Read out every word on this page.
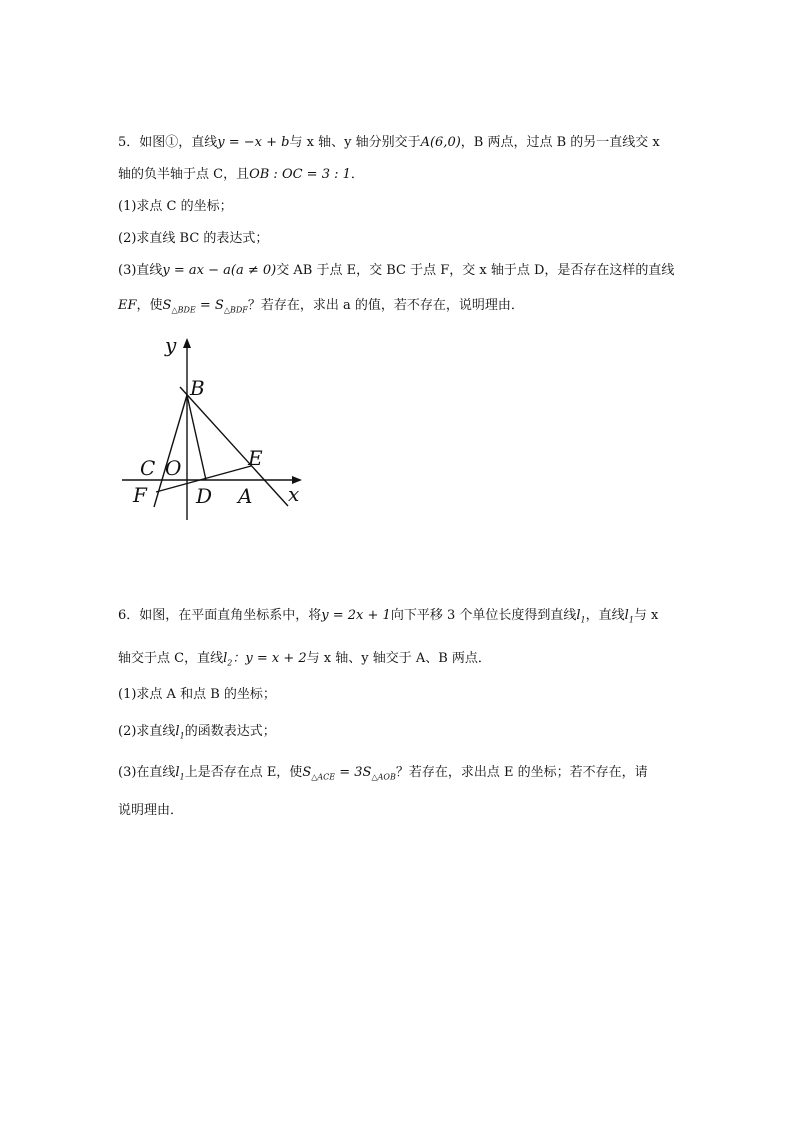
5．如图①，直线y = −x + b与 x 轴、y 轴分别交于A(6,0)，B 两点，过点 B 的另一直线交 x
轴的负半轴于点 C，且OB : OC = 3 : 1．
(1)求点 C 的坐标；
(2)求直线 BC 的表达式；
(3)直线y = ax − a(a ≠ 0)交 AB 于点 E，交 BC 于点 F，交 x 轴于点 D，是否存在这样的直线
EF，使$S_{\triangle BDE} = S_{\triangle BDF}$？若存在，求出 a 的值，若不存在，说明理由．
y
B
C O	E
F D A x
6．如图，在平面直角坐标系中，将y = 2x + 1向下平移 3 个单位长度得到直线$l_1$，直线$l_1$与 x
轴交于点 C，直线$l_2$：y = x + 2与 x 轴、y 轴交于 A、B 两点．
(1)求点 A 和点 B 的坐标；
(2)求直线$l_1$的函数表达式；
(3)在直线$l_1$上是否存在点 E，使$S_{\triangle ACE} = 3S_{\triangle AOB}$？若存在，求出点 E 的坐标；若不存在，请
说明理由．
